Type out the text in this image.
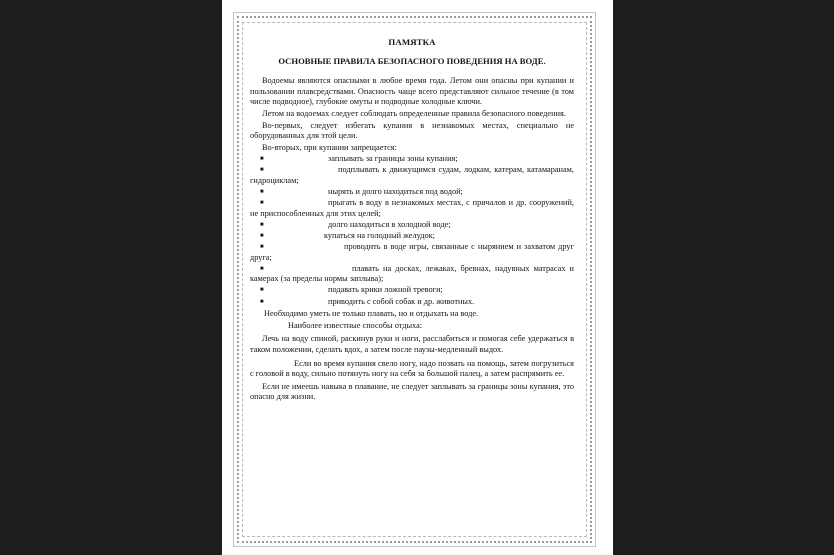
ПАМЯТКА
ОСНОВНЫЕ ПРАВИЛА БЕЗОПАСНОГО ПОВЕДЕНИЯ НА ВОДЕ.

Водоемы являются опасными в любое время года. Летом они опасны при купании и пользовании плавсредствами. Опасность чаще всего представляют сильное течение (в том числе подводное), глубокие омуты и подводные холодные ключи.

Летом на водоемах следует соблюдать определенные правила безопасного поведения.

Во-первых, следует избегать купания в незнакомых местах, специально не оборудованных для этой цели.

Во-вторых, при купании запрещается:

■	заплывать за границы зоны купания;
■	подплывать к движущимся судам, лодкам, катерам, катамаранам, гидроциклам;
■	нырять и долго находиться под водой;
■	прыгать в воду в незнакомых местах, с причалов и др. сооружений, не приспособленных для этих целей;
■	долго находиться в холодной воде;
■	купаться на голодный желудок;
■	проводить в воде игры, связанные с нырянием и захватом друг друга;
■	плавать на досках, лежаках, бревнах, надувных матрасах и камерах (за пределы нормы заплыва);
■	подавать крики ложной тревоги;
■	приводить с собой собак и др. животных.

Необходимо уметь не только плавать, но и отдыхать на воде.

Наиболее известные способы отдыха:

Лечь на воду спиной, раскинув руки и ноги, расслабиться и помогая себе удержаться в таком положении, сделать вдох, а затем после паузы-медленный выдох.

Если во время купания свело ногу, надо позвать на помощь, затем погрузиться с головой в воду, сильно потянуть ногу на себя за большой палец, а затем распрямить ее.

Если не имеешь навыка в плавание, не следует заплывать за границы зоны купания, это опасно для жизни.
